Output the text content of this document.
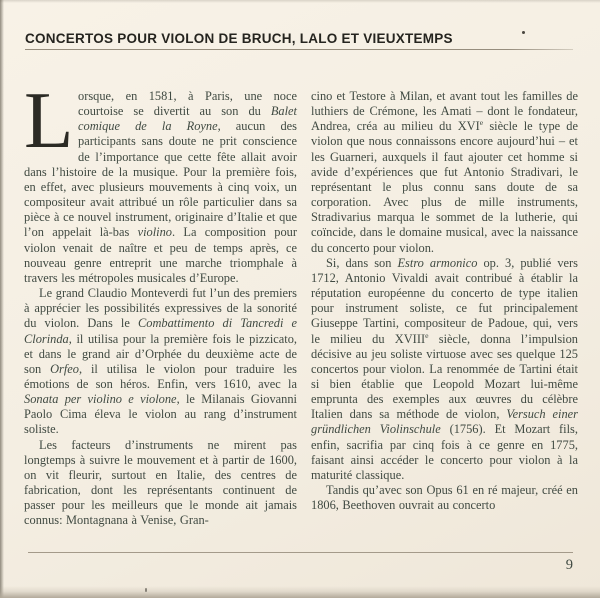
CONCERTOS POUR VIOLON DE BRUCH, LALO ET VIEUXTEMPS

Lorsque, en 1581, à Paris, une noce courtoise se divertit au son du Balet comique de la Royne, aucun des participants sans doute ne prit conscience de l’importance que cette fête allait avoir dans l’histoire de la musique. Pour la première fois, en effet, avec plusieurs mouvements à cinq voix, un compositeur avait attribué un rôle particulier dans sa pièce à ce nouvel instrument, originaire d’Italie et que l’on appelait là-bas violino. La composition pour violon venait de naître et peu de temps après, ce nouveau genre entreprit une marche triomphale à travers les métropoles musicales d’Europe.

Le grand Claudio Monteverdi fut l’un des premiers à apprécier les possibilités expressives de la sonorité du violon. Dans le Combattimento di Tancredi e Clorinda, il utilisa pour la première fois le pizzicato, et dans le grand air d’Orphée du deuxième acte de son Orfeo, il utilisa le violon pour traduire les émotions de son héros. Enfin, vers 1610, avec la Sonata per violino e violone, le Milanais Giovanni Paolo Cima éleva le violon au rang d’instrument soliste.

Les facteurs d’instruments ne mirent pas longtemps à suivre le mouvement et à partir de 1600, on vit fleurir, surtout en Italie, des centres de fabrication, dont les représentants continuent de passer pour les meilleurs que le monde ait jamais connus: Montagnana à Venise, Gran-

cino et Testore à Milan, et avant tout les familles de luthiers de Crémone, les Amati – dont le fondateur, Andrea, créa au milieu du XVIe siècle le type de violon que nous connaissons encore aujourd’hui – et les Guarneri, auxquels il faut ajouter cet homme si avide d’expériences que fut Antonio Stradivari, le représentant le plus connu sans doute de sa corporation. Avec plus de mille instruments, Stradivarius marqua le sommet de la lutherie, qui coïncide, dans le domaine musical, avec la naissance du concerto pour violon.

Si, dans son Estro armonico op. 3, publié vers 1712, Antonio Vivaldi avait contribué à établir la réputation européenne du concerto de type italien pour instrument soliste, ce fut principalement Giuseppe Tartini, compositeur de Padoue, qui, vers le milieu du XVIIIe siècle, donna l’impulsion décisive au jeu soliste virtuose avec ses quelque 125 concertos pour violon. La renommée de Tartini était si bien établie que Leopold Mozart lui-même emprunta des exemples aux œuvres du célèbre Italien dans sa méthode de violon, Versuch einer gründlichen Violinschule (1756). Et Mozart fils, enfin, sacrifia par cinq fois à ce genre en 1775, faisant ainsi accéder le concerto pour violon à la maturité classique.

Tandis qu’avec son Opus 61 en ré majeur, créé en 1806, Beethoven ouvrait au concerto

9
